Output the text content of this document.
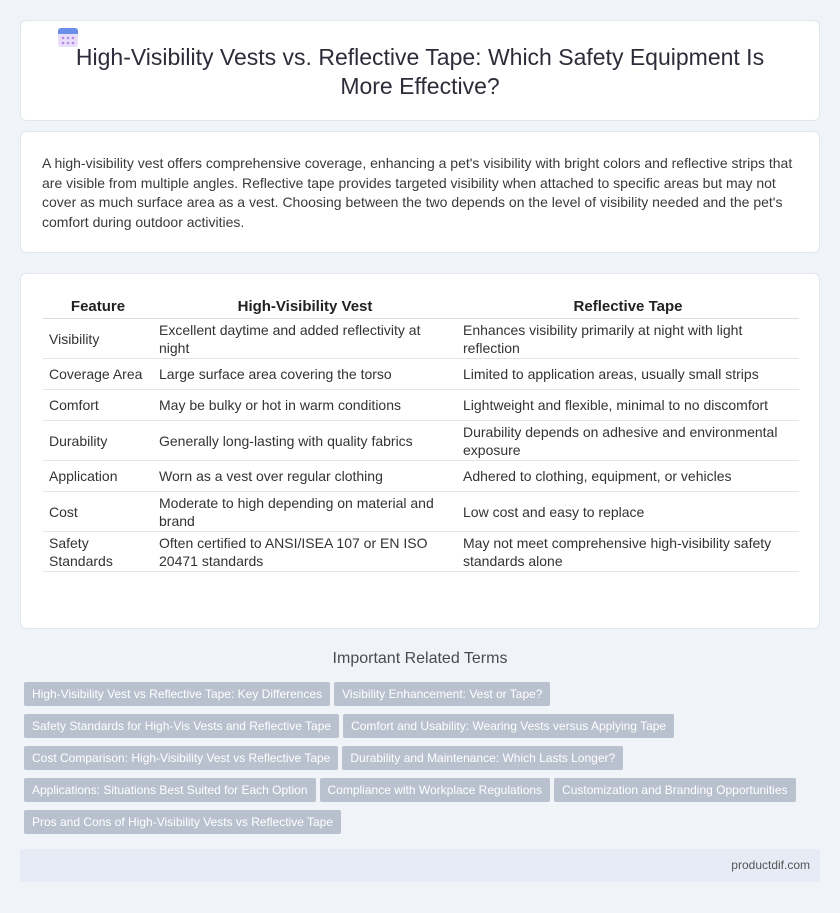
High-Visibility Vests vs. Reflective Tape: Which Safety Equipment Is More Effective?

A high-visibility vest offers comprehensive coverage, enhancing a pet's visibility with bright colors and reflective strips that are visible from multiple angles. Reflective tape provides targeted visibility when attached to specific areas but may not cover as much surface area as a vest. Choosing between the two depends on the level of visibility needed and the pet's comfort during outdoor activities.

Feature	High-Visibility Vest	Reflective Tape
Visibility	Excellent daytime and added reflectivity at night	Enhances visibility primarily at night with light reflection
Coverage Area	Large surface area covering the torso	Limited to application areas, usually small strips
Comfort	May be bulky or hot in warm conditions	Lightweight and flexible, minimal to no discomfort
Durability	Generally long-lasting with quality fabrics	Durability depends on adhesive and environmental exposure
Application	Worn as a vest over regular clothing	Adhered to clothing, equipment, or vehicles
Cost	Moderate to high depending on material and brand	Low cost and easy to replace
Safety Standards	Often certified to ANSI/ISEA 107 or EN ISO 20471 standards	May not meet comprehensive high-visibility safety standards alone
Important Related Terms
High-Visibility Vest vs Reflective Tape: Key Differences Visibility Enhancement: Vest or Tape?
Safety Standards for High-Vis Vests and Reflective Tape Comfort and Usability: Wearing Vests versus Applying Tape
Cost Comparison: High-Visibility Vest vs Reflective Tape Durability and Maintenance: Which Lasts Longer?
Applications: Situations Best Suited for Each Option Compliance with Workplace Regulations Customization and Branding Opportunities
Pros and Cons of High-Visibility Vests vs Reflective Tape
productdif.com
